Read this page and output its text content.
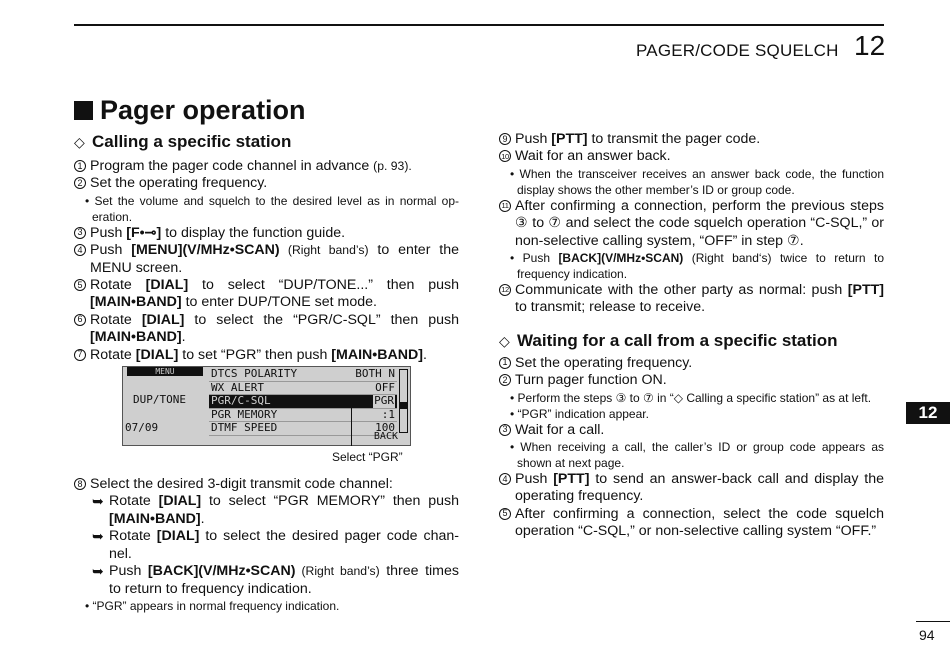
PAGER/CODE SQUELCH 12
Pager operation
◇ Calling a specific station
1 Program the pager code channel in advance (p. 93).
2 Set the operating frequency.
• Set the volume and squelch to the desired level as in normal operation.
3 Push [F•⊸] to display the function guide.
4 Push [MENU](V/MHz•SCAN) (Right band’s) to enter the MENU screen.
5 Rotate [DIAL] to select “DUP/TONE...” then push [MAIN•BAND] to enter DUP/TONE set mode.
6 Rotate [DIAL] to select the “PGR/C-SQL” then push [MAIN•BAND].
7 Rotate [DIAL] to set “PGR” then push [MAIN•BAND].
MENU
DUP/TONE
07/09
DTCS POLARITY	BOTH N
WX ALERT	OFF
PGR/C-SQL	PGR
PGR MEMORY	:1
DTMF SPEED	100
BACK
Select “PGR”
8 Select the desired 3-digit transmit code channel:
➥ Rotate [DIAL] to select “PGR MEMORY” then push [MAIN•BAND].
➥ Rotate [DIAL] to select the desired pager code channel.
➥ Push [BACK](V/MHz•SCAN) (Right band’s) three times to return to frequency indication.
• “PGR” appears in normal frequency indication.
9 Push [PTT] to transmit the pager code.
10 Wait for an answer back.
• When the transceiver receives an answer back code, the function display shows the other member’s ID or group code.
11 After confirming a connection, perform the previous steps ③ to ⑦ and select the code squelch operation “C-SQL,” or non-selective calling system, “OFF” in step ⑦.
• Push [BACK](V/MHz•SCAN) (Right band‘s) twice to return to frequency indication.
12 Communicate with the other party as normal: push [PTT] to transmit; release to receive.
◇ Waiting for a call from a specific station
1 Set the operating frequency.
2 Turn pager function ON.
• Perform the steps ③ to ⑦ in “◇ Calling a specific station” as at left.
• “PGR” indication appear.
3 Wait for a call.
• When receiving a call, the caller’s ID or group code appears as shown at next page.
4 Push [PTT] to send an answer-back call and display the operating frequency.
5 After confirming a connection, select the code squelch operation “C-SQL,” or non-selective calling system “OFF.”
12
94
